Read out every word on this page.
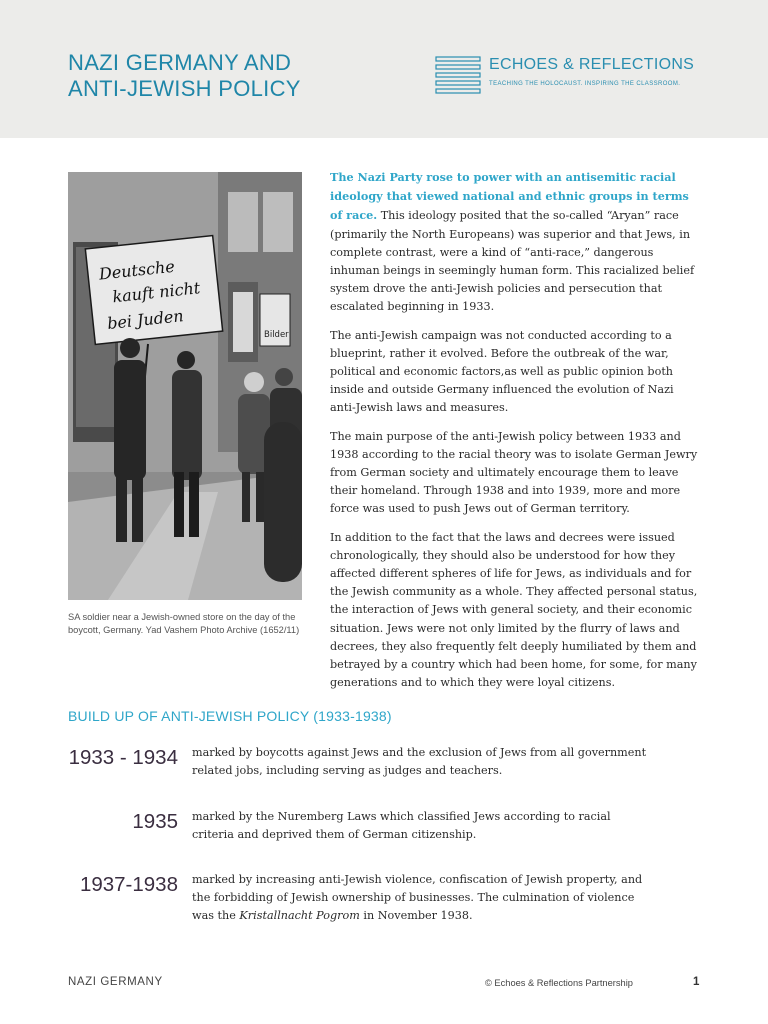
NAZI GERMANY AND
ANTI-JEWISH POLICY
ECHOES & REFLECTIONS
TEACHING THE HOLOCAUST. INSPIRING THE CLASSROOM.
Bilder
Deutsche
kauft nicht
bei Juden
SA soldier near a Jewish-owned store on the day of the boycott, Germany. Yad Vashem Photo Archive (1652/11)

The Nazi Party rose to power with an antisemitic racial ideology that viewed national and ethnic groups in terms of race. This ideology posited that the so-called “Aryan” race (primarily the North Europeans) was superior and that Jews, in complete contrast, were a kind of “anti-race,” dangerous inhuman beings in seemingly human form. This racialized belief system drove the anti-Jewish policies and persecution that escalated beginning in 1933.

The anti-Jewish campaign was not conducted according to a blueprint, rather it evolved. Before the outbreak of the war, political and economic factors,as well as public opinion both inside and outside Germany influenced the evolution of Nazi anti-Jewish laws and measures.

The main purpose of the anti-Jewish policy between 1933 and 1938 according to the racial theory was to isolate German Jewry from German society and ultimately encourage them to leave their homeland. Through 1938 and into 1939, more and more force was used to push Jews out of German territory.

In addition to the fact that the laws and decrees were issued chronologically, they should also be understood for how they affected different spheres of life for Jews, as individuals and for the Jewish community as a whole. They affected personal status, the interaction of Jews with general society, and their economic situation. Jews were not only limited by the flurry of laws and decrees, they also frequently felt deeply humiliated by them and betrayed by a country which had been home, for some, for many generations and to which they were loyal citizens.

BUILD UP OF ANTI-JEWISH POLICY (1933-1938)
1933 - 1934 marked by boycotts against Jews and the exclusion of Jews from all government related jobs, including serving as judges and teachers.
1935 marked by the Nuremberg Laws which classified Jews according to racial criteria and deprived them of German citizenship.
1937-1938 marked by increasing anti-Jewish violence, confiscation of Jewish property, and the forbidding of Jewish ownership of businesses. The culmination of violence was the Kristallnacht Pogrom in November 1938.
NAZI GERMANY	© Echoes & Reflections Partnership	1
